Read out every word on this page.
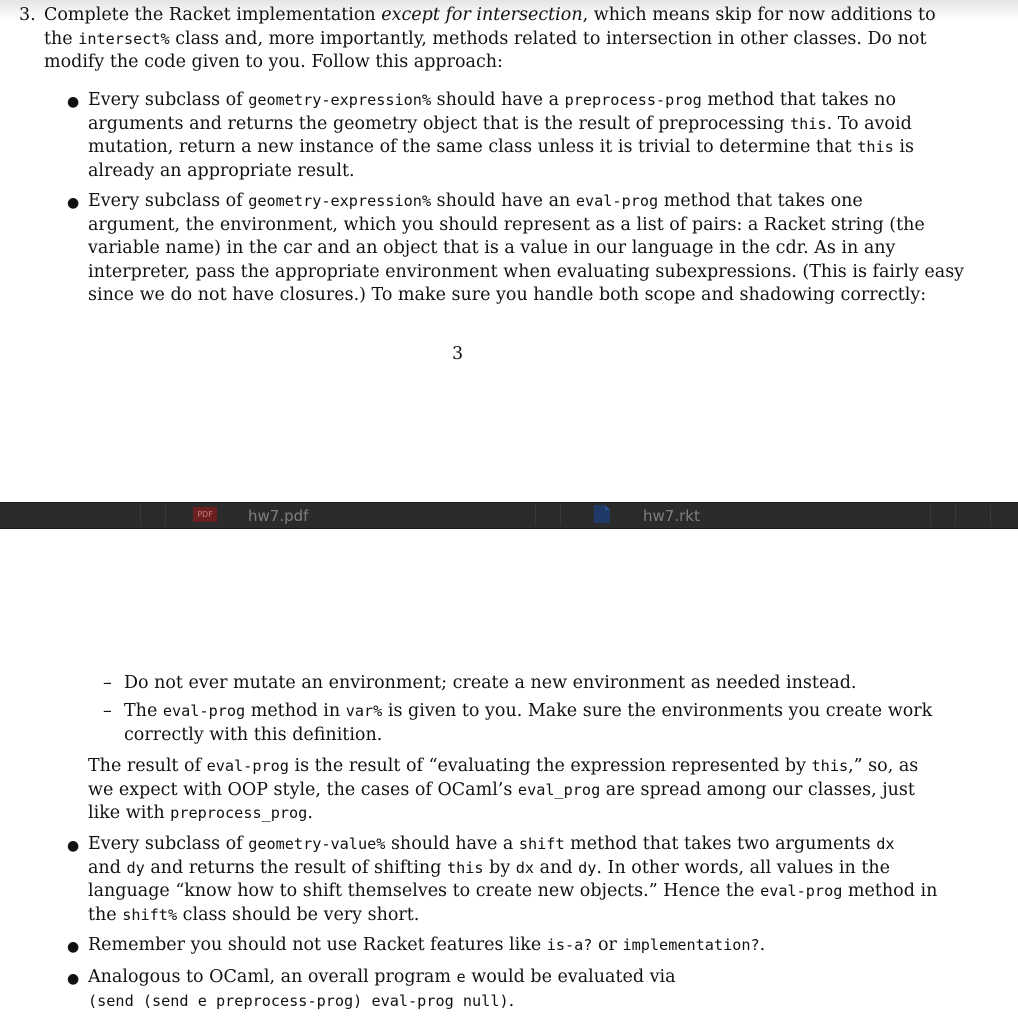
3. Complete the Racket implementation except for intersection, which means skip for now additions to
the intersect% class and, more importantly, methods related to intersection in other classes. Do not
modify the code given to you. Follow this approach:
● Every subclass of geometry-expression% should have a preprocess-prog method that takes no
arguments and returns the geometry object that is the result of preprocessing this. To avoid
mutation, return a new instance of the same class unless it is trivial to determine that this is
already an appropriate result.
● Every subclass of geometry-expression% should have an eval-prog method that takes one
argument, the environment, which you should represent as a list of pairs: a Racket string (the
variable name) in the car and an object that is a value in our language in the cdr. As in any
interpreter, pass the appropriate environment when evaluating subexpressions. (This is fairly easy
since we do not have closures.) To make sure you handle both scope and shadowing correctly:
3
hw7.pdf	hw7.rkt
PDF
– Do not ever mutate an environment; create a new environment as needed instead.
– The eval-prog method in var% is given to you. Make sure the environments you create work
correctly with this definition.
The result of eval-prog is the result of “evaluating the expression represented by this,” so, as
we expect with OOP style, the cases of OCaml’s eval_prog are spread among our classes, just
like with preprocess_prog.
● Every subclass of geometry-value% should have a shift method that takes two arguments dx
and dy and returns the result of shifting this by dx and dy. In other words, all values in the
language “know how to shift themselves to create new objects.” Hence the eval-prog method in
the shift% class should be very short.
● Remember you should not use Racket features like is-a? or implementation?.
● Analogous to OCaml, an overall program e would be evaluated via
(send (send e preprocess-prog) eval-prog null).
